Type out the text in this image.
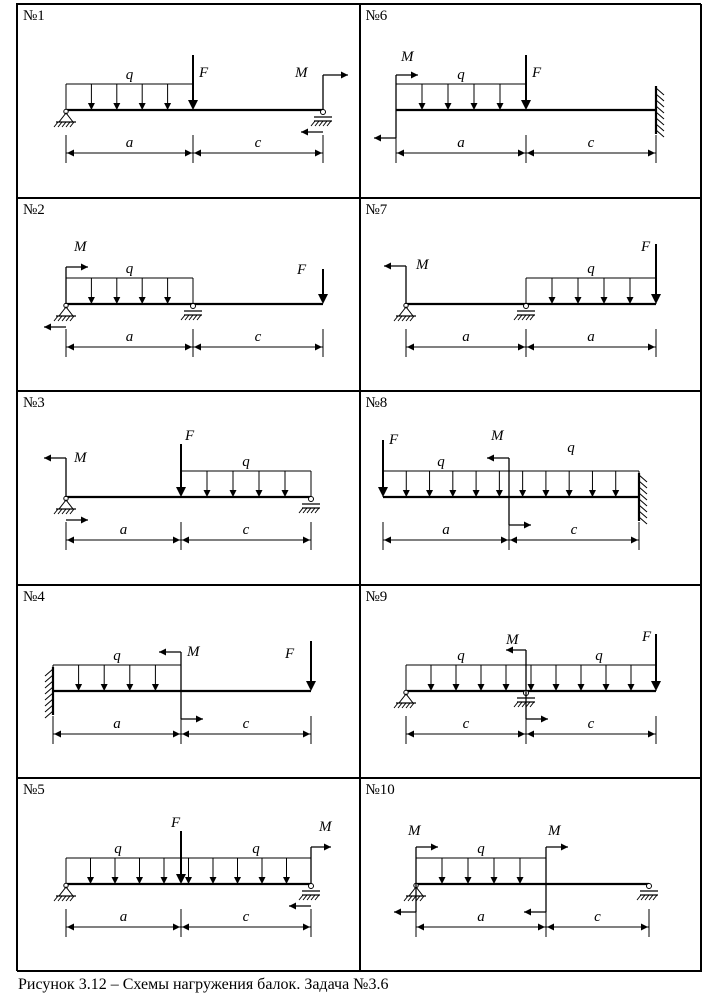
№1
q	F	M
a	c
№6
q	F
M
a	c
№2
q	F
M
a	c
№7
q
F
M
a	a
№3
q
F
M
a	c
№8
q
q
F	M
a	c
№4
q	F
M
a	c
№9
q	q
F
M
c	c
№5
q	q
F	M
a	c
№10
q
M	M
a	c
Рисунок 3.12 – Схемы нагружения балок. Задача №3.6
